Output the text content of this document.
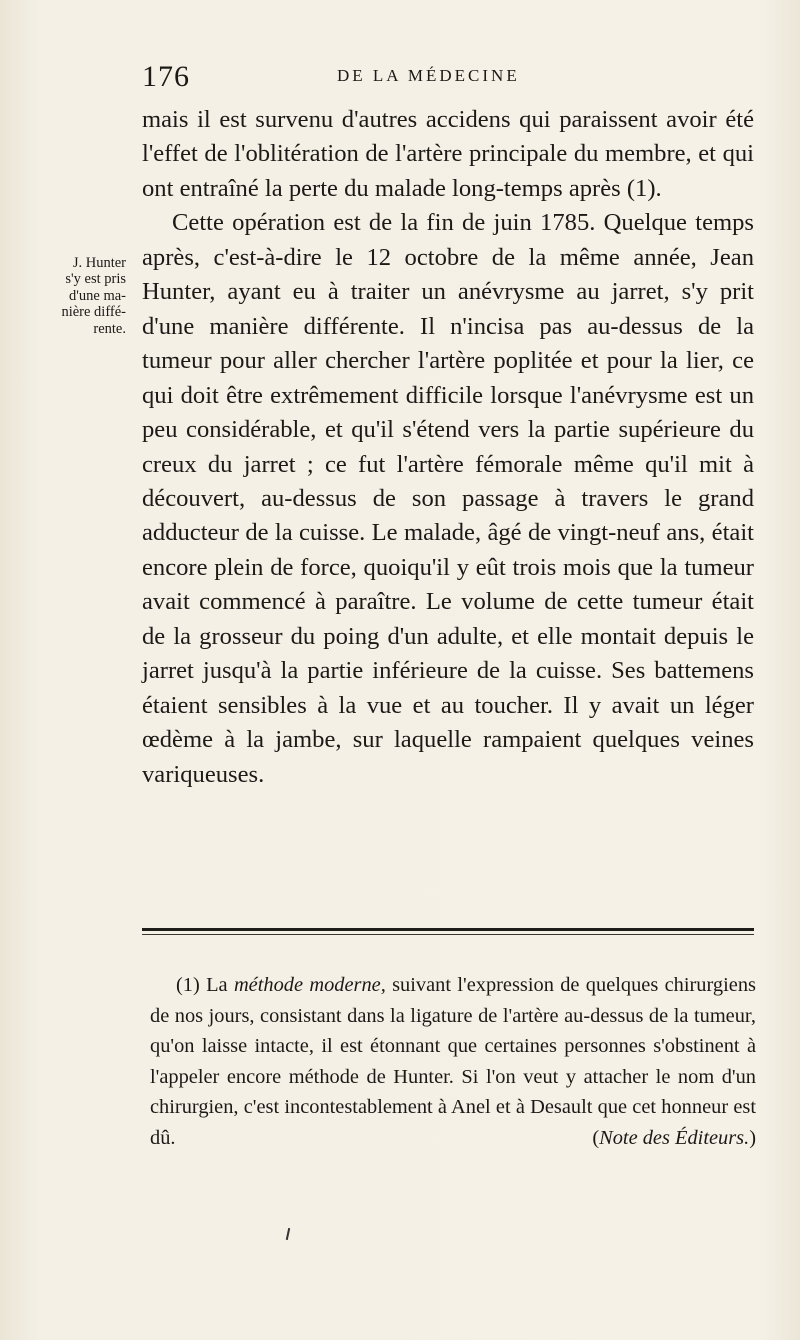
176	DE LA MÉDECINE
J. Hunter
s'y est pris
d'une ma-
nière diffé-
rente.

mais il est survenu d'autres accidens qui paraissent avoir été l'effet de l'oblitération de l'artère principale du membre, et qui ont entraîné la perte du malade long-temps après (1).

Cette opération est de la fin de juin 1785. Quelque temps après, c'est-à-dire le 12 octobre de la même année, Jean Hunter, ayant eu à traiter un anévrysme au jarret, s'y prit d'une manière différente. Il n'incisa pas au-dessus de la tumeur pour aller chercher l'artère poplitée et pour la lier, ce qui doit être extrêmement difficile lorsque l'anévrysme est un peu considérable, et qu'il s'étend vers la partie supérieure du creux du jarret ; ce fut l'artère fémorale même qu'il mit à découvert, au-dessus de son passage à travers le grand adducteur de la cuisse. Le malade, âgé de vingt-neuf ans, était encore plein de force, quoiqu'il y eût trois mois que la tumeur avait commencé à paraître. Le volume de cette tumeur était de la grosseur du poing d'un adulte, et elle montait depuis le jarret jusqu'à la partie inférieure de la cuisse. Ses battemens étaient sensibles à la vue et au toucher. Il y avait un léger œdème à la jambe, sur laquelle rampaient quelques veines variqueuses.

(1) La méthode moderne, suivant l'expression de quelques chirurgiens de nos jours, consistant dans la ligature de l'artère au-dessus de la tumeur, qu'on laisse intacte, il est étonnant que certaines personnes s'obstinent à l'appeler encore méthode de Hunter. Si l'on veut y attacher le nom d'un chirurgien, c'est incontestablement à Anel et à Desault que cet honneur est dû.	(Note des Éditeurs.)
